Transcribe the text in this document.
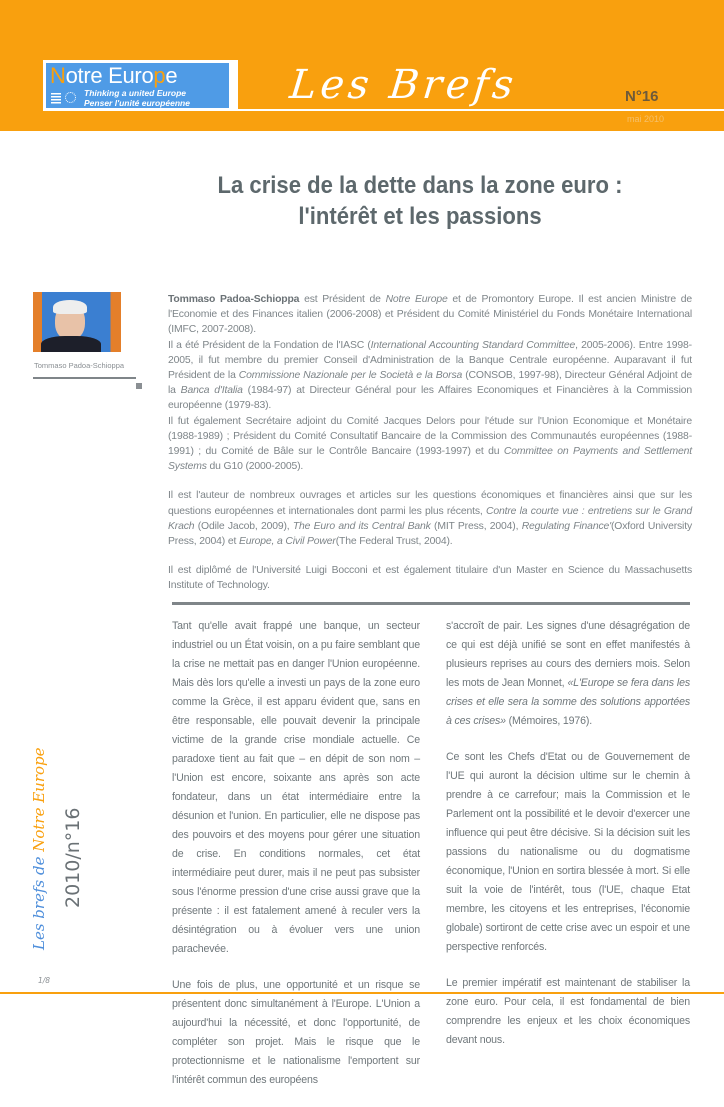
Notre Europe
Thinking a united Europe
Penser l'unité européenne Les Brefs	N°16
mai 2010
La crise de la dette dans la zone euro :
l'intérêt et les passions
Tommaso Padoa-Schioppa

Tommaso Padoa-Schioppa est Président de Notre Europe et de Promontory Europe. Il est ancien Ministre de l'Economie et des Finances italien (2006-2008) et Président du Comité Ministériel du Fonds Monétaire International (IMFC, 2007-2008).

Il a été Président de la Fondation de l'IASC (International Accounting Standard Committee, 2005-2006). Entre 1998-2005, il fut membre du premier Conseil d'Administration de la Banque Centrale européenne. Auparavant il fut Président de la Commissione Nazionale per le Società e la Borsa (CONSOB, 1997-98), Directeur Général Adjoint de la Banca d'Italia (1984-97) at Directeur Général pour les Affaires Economiques et Financières à la Commission européenne (1979-83).

Il fut également Secrétaire adjoint du Comité Jacques Delors pour l'étude sur l'Union Economique et Monétaire (1988-1989) ; Président du Comité Consultatif Bancaire de la Commission des Communautés européennes (1988-1991) ; du Comité de Bâle sur le Contrôle Bancaire (1993-1997) et du Committee on Payments and Settlement Systems du G10 (2000-2005).

Il est l'auteur de nombreux ouvrages et articles sur les questions économiques et financières ainsi que sur les questions européennes et internationales dont parmi les plus récents, Contre la courte vue : entretiens sur le Grand Krach (Odile Jacob, 2009), The Euro and its Central Bank (MIT Press, 2004), Regulating Finance'(Oxford University Press, 2004) et Europe, a Civil Power(The Federal Trust, 2004).

Il est diplômé de l'Université Luigi Bocconi et est également titulaire d'un Master en Science du Massachusetts Institute of Technology.

Tant qu'elle avait frappé une banque, un secteur industriel ou un État voisin, on a pu faire semblant que la crise ne mettait pas en danger l'Union européenne. Mais dès lors qu'elle a investi un pays de la zone euro comme la Grèce, il est apparu évident que, sans en être responsable, elle pouvait devenir la principale victime de la grande crise mondiale actuelle. Ce paradoxe tient au fait que – en dépit de son nom – l'Union est encore, soixante ans après son acte fondateur, dans un état intermédiaire entre la désunion et l'union. En particulier, elle ne dispose pas des pouvoirs et des moyens pour gérer une situation de crise. En conditions normales, cet état intermédiaire peut durer, mais il ne peut pas subsister sous l'énorme pression d'une crise aussi grave que la présente : il est fatalement amené à reculer vers la désintégration ou à évoluer vers une union parachevée.

Une fois de plus, une opportunité et un risque se présentent donc simultanément à l'Europe. L'Union a aujourd'hui la nécessité, et donc l'opportunité, de compléter son projet. Mais le risque que le protectionnisme et le nationalisme l'emportent sur l'intérêt commun des européens

s'accroît de pair. Les signes d'une désagrégation de ce qui est déjà unifié se sont en effet manifestés à plusieurs reprises au cours des derniers mois. Selon les mots de Jean Monnet, «L'Europe se fera dans les crises et elle sera la somme des solutions apportées à ces crises» (Mémoires, 1976).

Ce sont les Chefs d'Etat ou de Gouvernement de l'UE qui auront la décision ultime sur le chemin à prendre à ce carrefour; mais la Commission et le Parlement ont la possibilité et le devoir d'exercer une influence qui peut être décisive. Si la décision suit les passions du nationalisme ou du dogmatisme économique, l'Union en sortira blessée à mort. Si elle suit la voie de l'intérêt, tous (l'UE, chaque Etat membre, les citoyens et les entreprises, l'économie globale) sortiront de cette crise avec un espoir et une perspective renforcés.

Le premier impératif est maintenant de stabiliser la zone euro. Pour cela, il est fondamental de bien comprendre les enjeux et les choix économiques devant nous.

Les brefs de Notre Europe
2010/n°16
1/8
